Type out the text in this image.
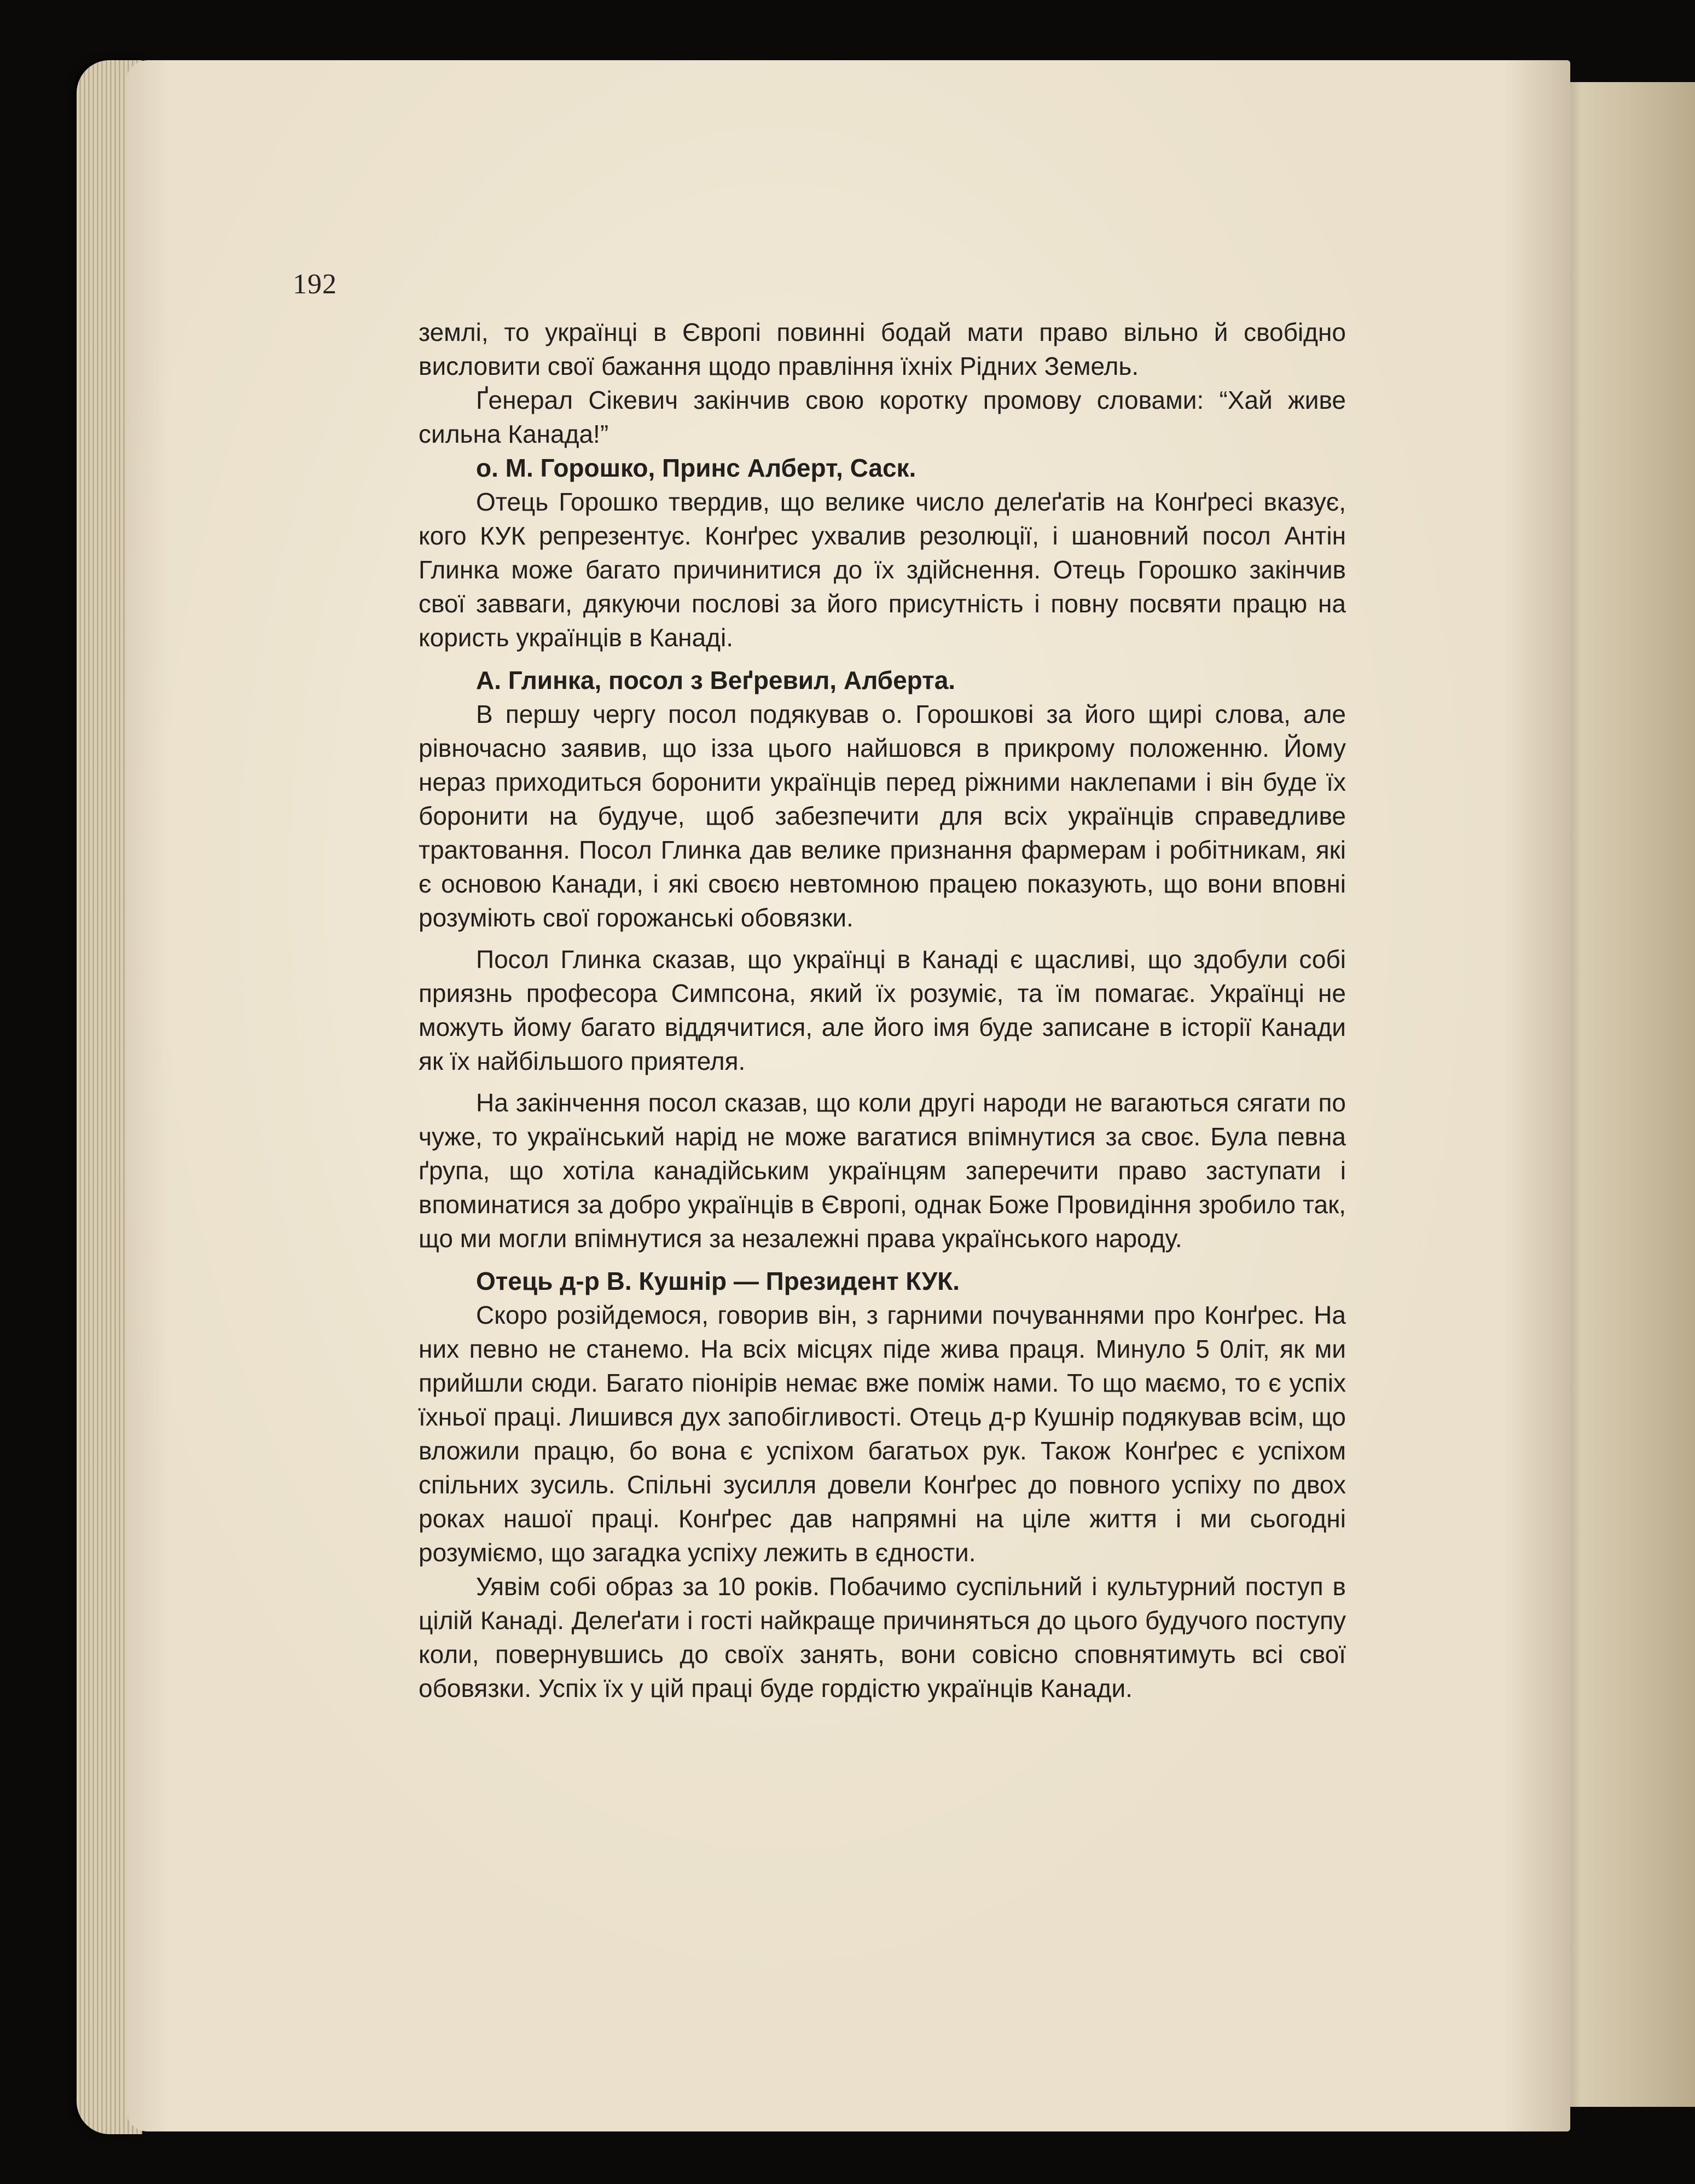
192

землі, то українці в Європі повинні бодай мати право вільно й свобідно висловити свої бажання щодо правління їхніх Рідних Земель.

Ґенерал Сікевич закінчив свою коротку промову словами: “Хай живе сильна Канада!”

о. М. Горошко, Принс Алберт, Саск.

Отець Горошко твердив, що велике число делеґатів на Конґресі вказує, кого КУК репрезентує. Конґрес ухвалив резолюції, і шановний посол Антін Глинка може багато причинитися до їх здійснення. Отець Горошко закінчив свої завваги, дякуючи послові за його присутність і повну посвяти працю на користь українців в Канаді.

А. Глинка, посол з Веґревил, Алберта.

В першу чергу посол подякував о. Горошкові за його щирі слова, але рівночасно заявив, що ізза цього найшовся в прикрому положенню. Йому нераз приходиться боронити українців перед ріжними наклепами і він буде їх боронити на будуче, щоб забезпечити для всіх українців справедливе трактовання. Посол Глинка дав велике признання фармерам і робітникам, які є основою Канади, і які своєю невтомною працею показують, що вони вповні розуміють свої горожанські обовязки.

Посол Глинка сказав, що українці в Канаді є щасливі, що здобули собі приязнь професора Симпсона, який їх розуміє, та їм помагає. Українці не можуть йому багато віддячитися, але його імя буде записане в історії Канади як їх найбільшого приятеля.

На закінчення посол сказав, що коли другі народи не вагаються сягати по чуже, то український нарід не може вагатися впімнутися за своє. Була певна ґрупа, що хотіла канадійським українцям заперечити право заступати і впоминатися за добро українців в Європі, однак Боже Провидіння зробило так, що ми могли впімнутися за незалежні права українського народу.

Отець д-р В. Кушнір — Президент КУК.

Скоро розійдемося, говорив він, з гарними почуваннями про Конґрес. На них певно не станемо. На всіх місцях піде жива праця. Минуло 5 0літ, як ми прийшли сюди. Багато піонірів немає вже поміж нами. То що маємо, то є успіх їхньої праці. Лишився дух запобігливості. Отець д-р Кушнір подякував всім, що вложили працю, бо вона є успіхом багатьох рук. Також Конґрес є успіхом спільних зусиль. Спільні зусилля довели Конґрес до повного успіху по двох роках нашої праці. Конґрес дав напрямні на ціле життя і ми сьогодні розуміємо, що загадка успіху лежить в єдности.

Уявім собі образ за 10 років. Побачимо суспільний і культурний поступ в цілій Канаді. Делеґати і гості найкраще причиняться до цього будучого поступу коли, повернувшись до своїх занять, вони совісно сповнятимуть всі свої обовязки. Успіх їх у цій праці буде гордістю українців Канади.
